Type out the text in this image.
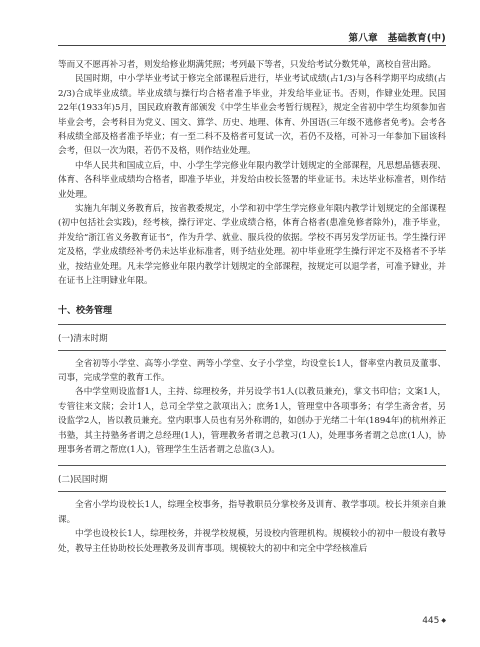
第八章　基础教育(中)

等而又不愿再补习者，则发给修业期满凭照；考列最下等者，只发给考试分数凭单，离校自营出路。

民国时期，中小学毕业考试于修完全部课程后进行，毕业考试成绩(占1/3)与各科学期平均成绩(占2/3)合成毕业成绩。毕业成绩与操行均合格者准予毕业，并发给毕业证书。否则，作肄业处理。民国22年(1933年)5月，国民政府教育部颁发《中学生毕业会考暂行规程》，规定全省初中学生均须参加省毕业会考，会考科目为党义、国文、算学、历史、地理、体育、外国语(三年级不逃修者免考)。会考各科成绩全部及格者准予毕业；有一至二科不及格者可复试一次，若仍不及格，可补习一年参加下届该科会考，但以一次为限，若仍不及格，则作结业处理。

中华人民共和国成立后，中、小学生学完修业年限内教学计划规定的全部课程，凡思想品德表现、体育、各科毕业成绩均合格者，即准予毕业，并发给由校长签署的毕业证书。未达毕业标准者，则作结业处理。

实施九年制义务教育后，按省教委规定，小学和初中学生学完修业年限内教学计划规定的全部课程(初中包括社会实践)，经考核，操行评定、学业成绩合格，体育合格者(患准免修者除外)，准予毕业，并发给“浙江省义务教育证书”，作为升学、就业、服兵役的依据。学校不再另发学历证书。学生操行评定及格，学业成绩经补考仍未达毕业标准者，则予结业处理。初中毕业班学生操行评定不及格者不予毕业，按结业处理。凡未学完修业年限内教学计划规定的全部课程，按规定可以退学者，可准予肄业，并在证书上注明肄业年限。

十、校务管理
(一)清末时期

全省初等小学堂、高等小学堂、两等小学堂、女子小学堂，均设堂长1人，督率堂内教员及董事、司事，完成学堂的教育工作。

各中学堂则设监督1人，主持、综理校务，并另设学书1人(以教员兼充)，掌文书印信；文案1人，专管往来文牍；会计1人，总司全学堂之款项出入；庶务1人，管理堂中各项事务；有学生斋舍者，另设监学2人，皆以教员兼充。堂内职事人员也有另外称谓的，如创办于光绪二十年(1894年)的杭州养正书塾，其主持塾务者谓之总经理(1人)，管理教务者谓之总教习(1人)，处理事务者谓之总庶(1人)，协理事务者谓之帮庶(1人)，管理学生生活者谓之总监(3人)。

(二)民国时期

全省小学均设校长1人，综理全校事务，指导教职员分掌校务及训育、教学事项。校长并须亲自兼课。

中学也设校长1人，综理校务，并视学校规模，另设校内管理机构。规模较小的初中一般设有教导处，教导主任协助校长处理教务及训育事项。规模较大的初中和完全中学经核准后

445 ◆
